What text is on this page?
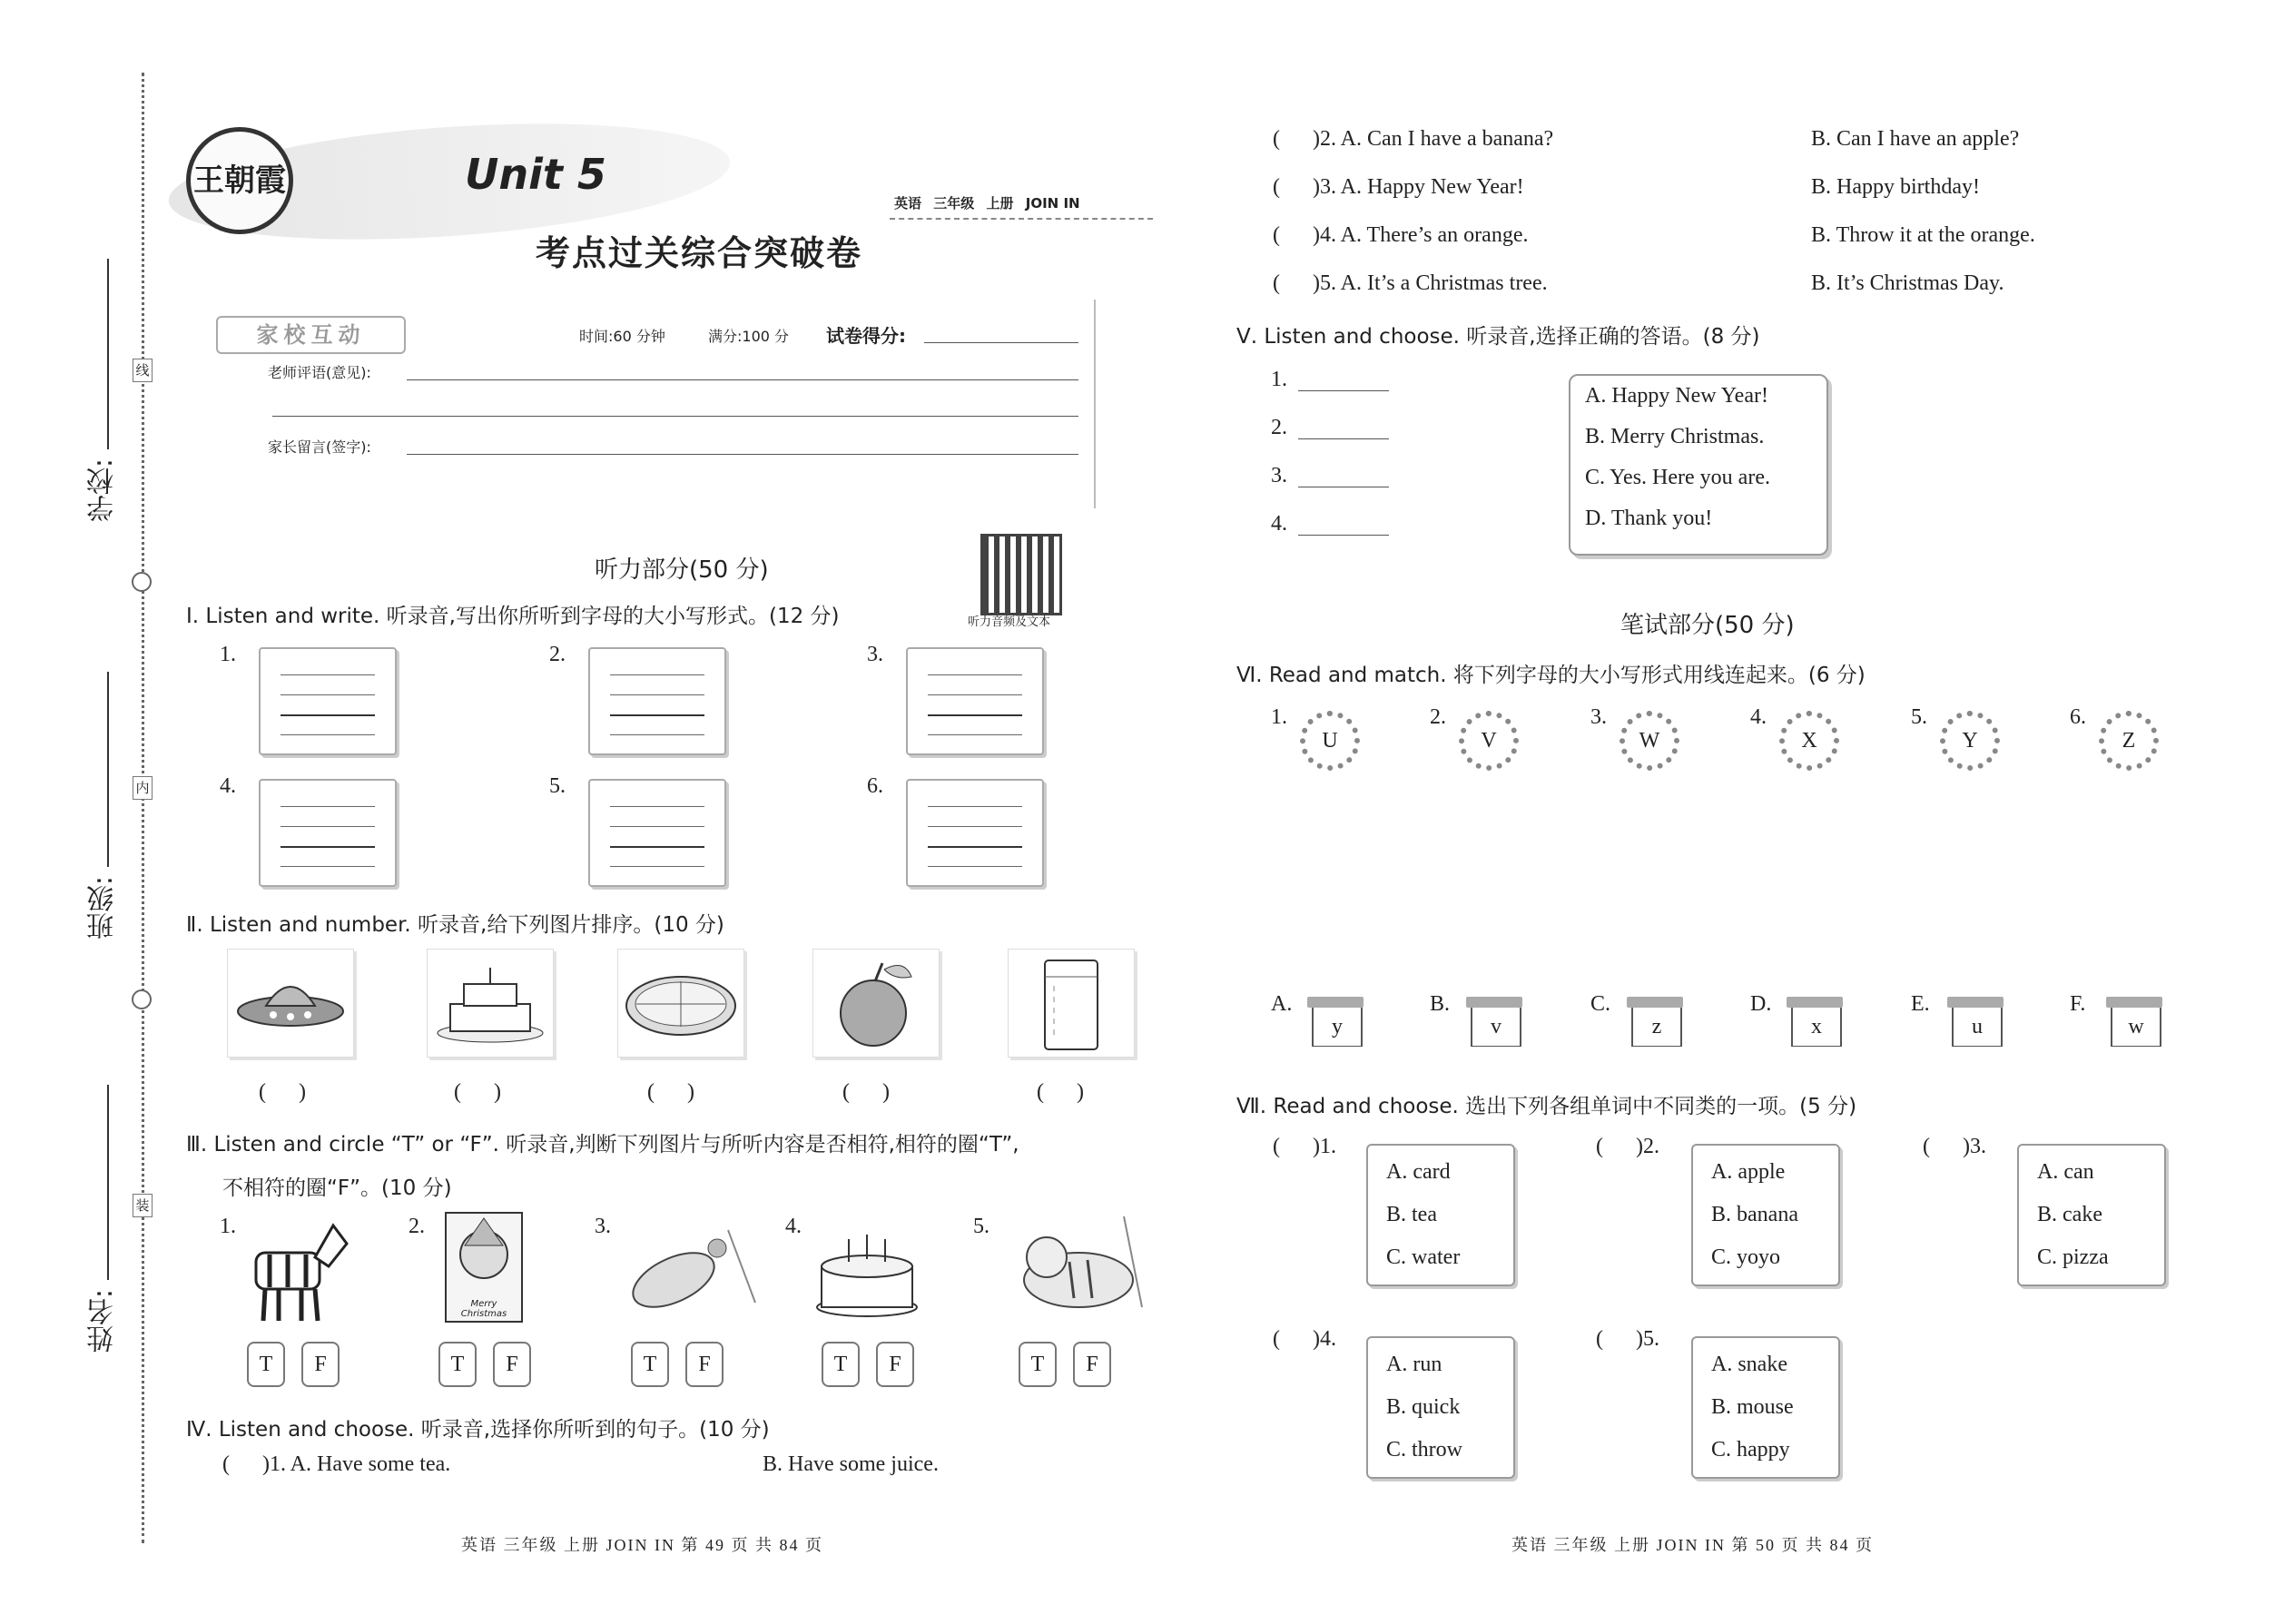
学校:
班级:
姓名:
线
内
装
王朝霞	Unit 5
考点过关综合突破卷
英语 三年级 上册 JOIN IN
家校互动	时间:60 分钟	满分:100 分 试卷得分:
老师评语(意见):
家长留言(签字):
听力音频及文本
听力部分(50 分)
Ⅰ. Listen and write. 听录音,写出你所听到字母的大小写形式。(12 分)
1.	2.	3.
4.	5.	6.
Ⅱ. Listen and number. 听录音,给下列图片排序。(10 分)
(      )	(      )	(      )	(      )	(      )
Ⅲ. Listen and circle “T” or “F”. 听录音,判断下列图片与所听内容是否相符,相符的圈“T”,
不相符的圈“F”。(10 分)
1.	2.	3.	4.	5.
Merry Christmas
T	F	T	F	T	F	T	F	T	F
Ⅳ. Listen and choose. 听录音,选择你所听到的句子。(10 分)
(      )1. A. Have some tea.	B. Have some juice.
(      )2. A. Can I have a banana?	B. Can I have an apple?
(      )3. A. Happy New Year!	B. Happy birthday!
(      )4. A. There’s an orange.	B. Throw it at the orange.
(      )5. A. It’s a Christmas tree.	B. It’s Christmas Day.
Ⅴ. Listen and choose. 听录音,选择正确的答语。(8 分)
1.
2.
3.
4.
A. Happy New Year!
B. Merry Christmas.
C. Yes. Here you are.
D. Thank you!
笔试部分(50 分)
Ⅵ. Read and match. 将下列字母的大小写形式用线连起来。(6 分)
1.
U
A.
y
2.
V
B.
v
3.
W
C.
z
4.
X
D.
x
5.
Y
E.
u
6.
Z
F.
w
Ⅶ. Read and choose. 选出下列各组单词中不同类的一项。(5 分)
(      )1.
A. card
B. tea
C. water
(      )2.
A. apple
B. banana
C. yoyo
(      )3.
A. can
B. cake
C. pizza
(      )4.
A. run
B. quick
C. throw
(      )5.
A. snake
B. mouse
C. happy
英语 三年级 上册 JOIN IN 第 49 页 共 84 页	英语 三年级 上册 JOIN IN 第 50 页 共 84 页
